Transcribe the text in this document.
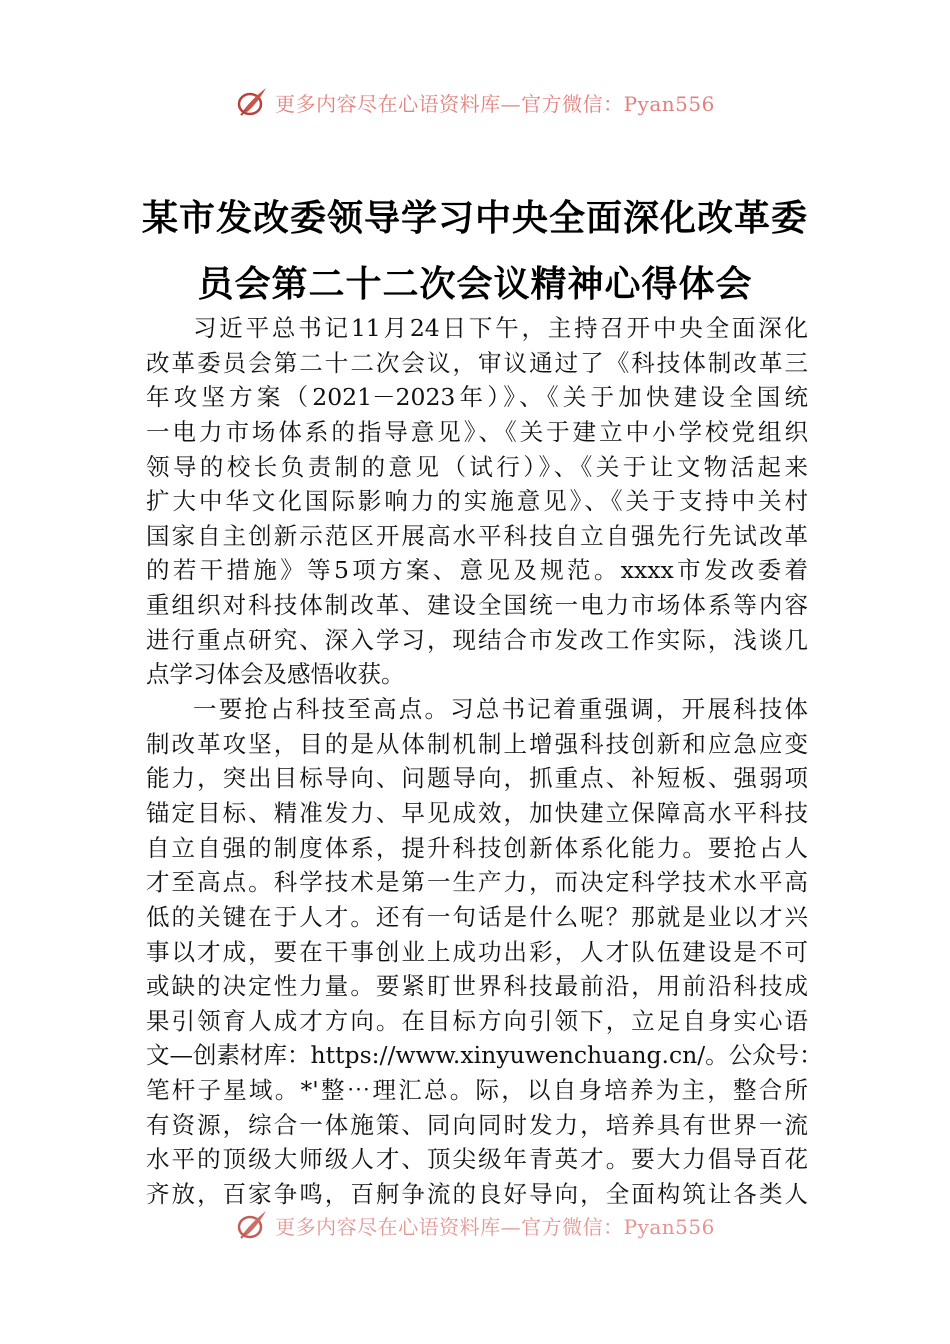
更多内容尽在心语资料库—官方微信：Pyan556
某市发改委领导学习中央全面深化改革委
员会第二十二次会议精神心得体会
习近平总书记11月24日下午，主持召开中央全面深化
改革委员会第二十二次会议，审议通过了《科技体制改革三
年攻坚方案（2021－2023年）》、《关于加快建设全国统
一电力市场体系的指导意见》、《关于建立中小学校党组织
领导的校长负责制的意见（试行）》、《关于让文物活起来
扩大中华文化国际影响力的实施意见》、《关于支持中关村
国家自主创新示范区开展高水平科技自立自强先行先试改革
的若干措施》等5项方案、意见及规范。xxxx市发改委着
重组织对科技体制改革、建设全国统一电力市场体系等内容
进行重点研究、深入学习，现结合市发改工作实际，浅谈几
点学习体会及感悟收获。
一要抢占科技至高点。习总书记着重强调，开展科技体
制改革攻坚，目的是从体制机制上增强科技创新和应急应变
能力，突出目标导向、问题导向，抓重点、补短板、强弱项
锚定目标、精准发力、早见成效，加快建立保障高水平科技
自立自强的制度体系，提升科技创新体系化能力。要抢占人
才至高点。科学技术是第一生产力，而决定科学技术水平高
低的关键在于人才。还有一句话是什么呢？那就是业以才兴
事以才成，要在干事创业上成功出彩，人才队伍建设是不可
或缺的决定性力量。要紧盯世界科技最前沿，用前沿科技成
果引领育人成才方向。在目标方向引领下，立足自身实心语
文—创素材库：https://www.xinyuwenchuang.cn/。公众号：
笔杆子星域。*'整⋯理汇总。际，以自身培养为主，整合所
有资源，综合一体施策、同向同时发力，培养具有世界一流
水平的顶级大师级人才、顶尖级年青英才。要大力倡导百花
齐放，百家争鸣，百舸争流的良好导向，全面构筑让各类人
更多内容尽在心语资料库—官方微信：Pyan556
